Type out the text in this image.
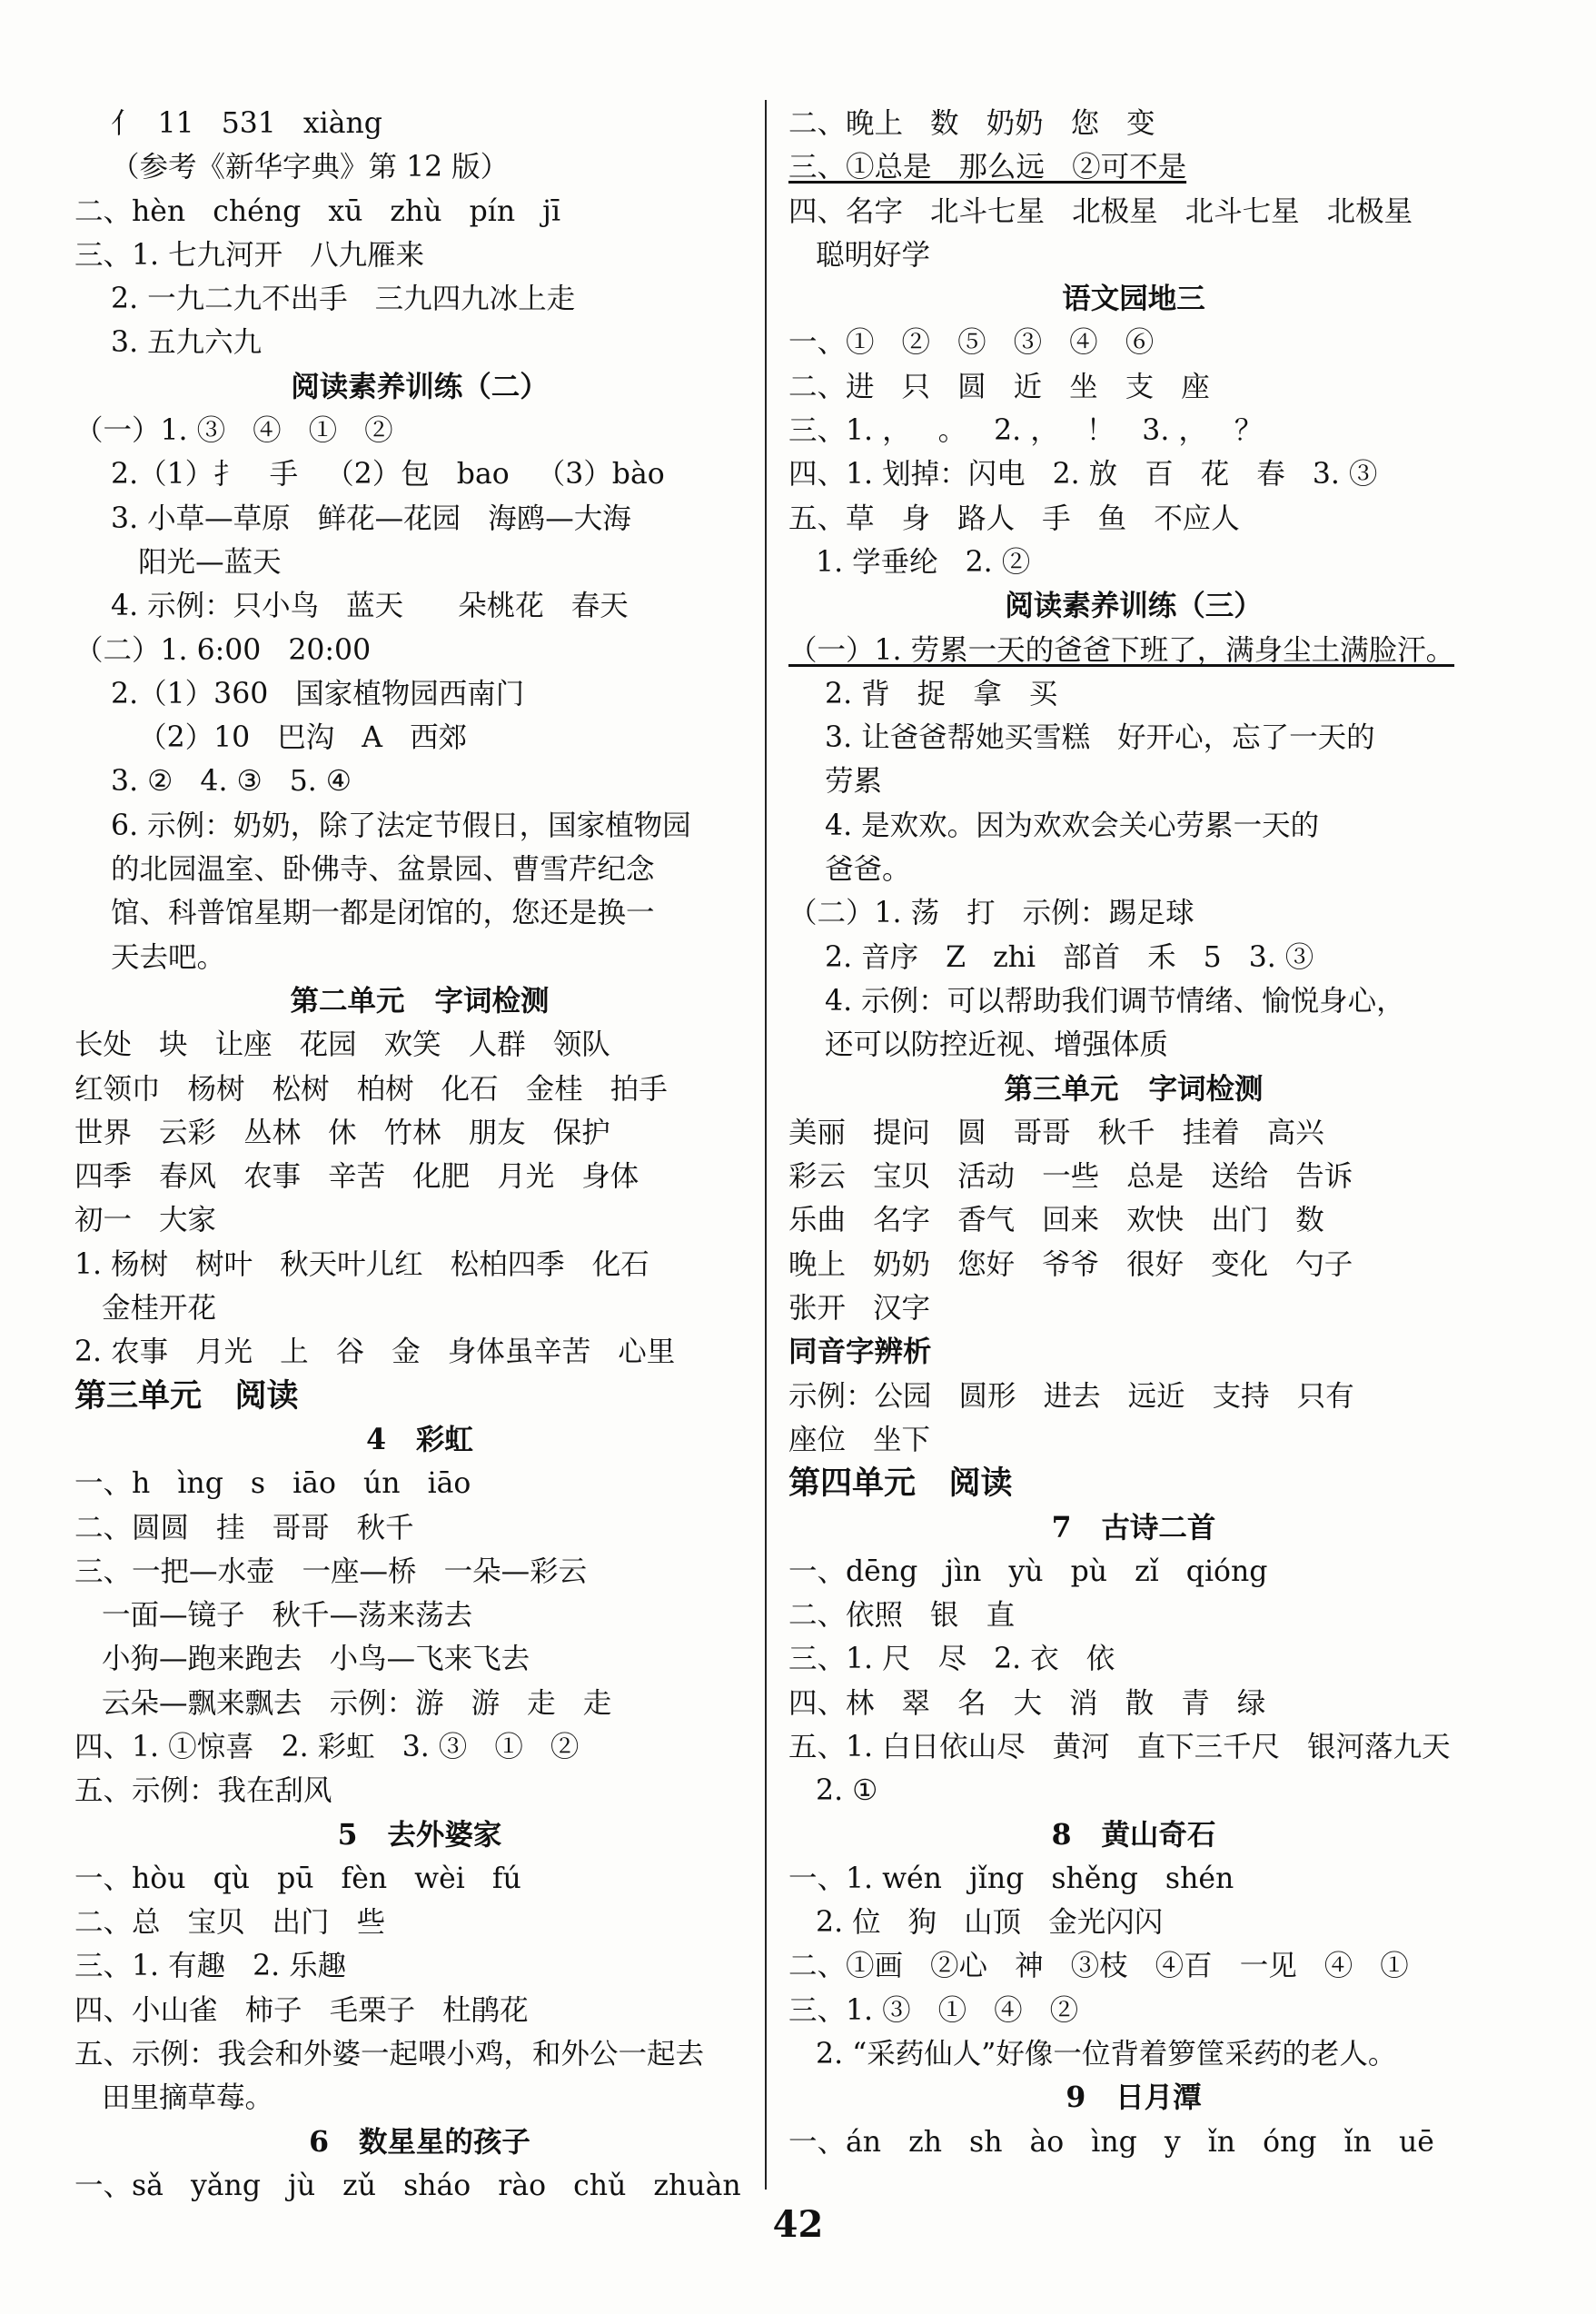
亻  11   531   xiàng
（参考《新华字典》第 12 版）
二、hèn   chéng   xū   zhù   pín   jī
三、1. 七九河开   八九雁来
2. 一九二九不出手   三九四九冰上走
3. 五九六九
阅读素养训练（二）
（一）1. ③   ④   ①   ②
2.（1）扌   手   （2）包   bao   （3）bào
3. 小草—草原   鲜花—花园   海鸥—大海
阳光—蓝天
4. 示例：只小鸟   蓝天      朵桃花   春天
（二）1. 6:00   20:00
2.（1）360   国家植物园西南门
（2）10   巴沟   A   西郊
3. ②   4. ③   5. ④
6. 示例：奶奶，除了法定节假日，国家植物园
的北园温室、卧佛寺、盆景园、曹雪芹纪念
馆、科普馆星期一都是闭馆的，您还是换一
天去吧。
第二单元   字词检测
长处   块   让座   花园   欢笑   人群   领队
红领巾   杨树   松树   柏树   化石   金桂   拍手
世界   云彩   丛林   休   竹林   朋友   保护
四季   春风   农事   辛苦   化肥   月光   身体
初一   大家
1. 杨树   树叶   秋天叶儿红   松柏四季   化石
金桂开花
2. 农事   月光   上   谷   金   身体虽辛苦   心里
第三单元   阅读
4   彩虹
一、h   ìng   s   iāo   ún   iāo
二、圆圆   挂   哥哥   秋千
三、一把—水壶   一座—桥   一朵—彩云
一面—镜子   秋千—荡来荡去
小狗—跑来跑去   小鸟—飞来飞去
云朵—飘来飘去   示例：游   游   走   走
四、1. ①惊喜   2. 彩虹   3. ③   ①   ②
五、示例：我在刮风
5   去外婆家
一、hòu   qù   pū   fèn   wèi   fú
二、总   宝贝   出门   些
三、1. 有趣   2. 乐趣
四、小山雀   柿子   毛栗子   杜鹃花
五、示例：我会和外婆一起喂小鸡，和外公一起去
田里摘草莓。
6   数星星的孩子
一、sǎ   yǎng   jù   zǔ   sháo   rào   chǔ   zhuàn
二、晚上   数   奶奶   您   变
三、①总是   那么远   ②可不是
四、名字   北斗七星   北极星   北斗七星   北极星
聪明好学
语文园地三
一、①   ②   ⑤   ③   ④   ⑥
二、进   只   圆   近   坐   支   座
三、1. ，   。   2. ，   ！   3. ，   ？
四、1. 划掉：闪电   2. 放   百   花   春   3. ③
五、草   身   路人   手   鱼   不应人
1. 学垂纶   2. ②
阅读素养训练（三）
（一）1. 劳累一天的爸爸下班了，满身尘土满脸汗。
2. 背   捉   拿   买
3. 让爸爸帮她买雪糕   好开心，忘了一天的
劳累
4. 是欢欢。因为欢欢会关心劳累一天的
爸爸。
（二）1. 荡   打   示例：踢足球
2. 音序   Z   zhi   部首   禾   5   3. ③
4. 示例：可以帮助我们调节情绪、愉悦身心，
还可以防控近视、增强体质
第三单元   字词检测
美丽   提问   圆   哥哥   秋千   挂着   高兴
彩云   宝贝   活动   一些   总是   送给   告诉
乐曲   名字   香气   回来   欢快   出门   数
晚上   奶奶   您好   爷爷   很好   变化   勺子
张开   汉字
同音字辨析
示例：公园   圆形   进去   远近   支持   只有
座位   坐下
第四单元   阅读
7   古诗二首
一、dēng   jìn   yù   pù   zǐ   qióng
二、依照   银   直
三、1. 尺   尽   2. 衣   依
四、林   翠   名   大   消   散   青   绿
五、1. 白日依山尽   黄河   直下三千尺   银河落九天
2. ①
8   黄山奇石
一、1. wén   jǐng   shěng   shén
2. 位   狗   山顶   金光闪闪
二、①画   ②心   神   ③枝   ④百   一见   ④   ①
三、1. ③   ①   ④   ②
2. “采药仙人”好像一位背着箩筐采药的老人。
9   日月潭
一、án   zh   sh   ào   ìng   y   ǐn   óng   ǐn   uē
42
